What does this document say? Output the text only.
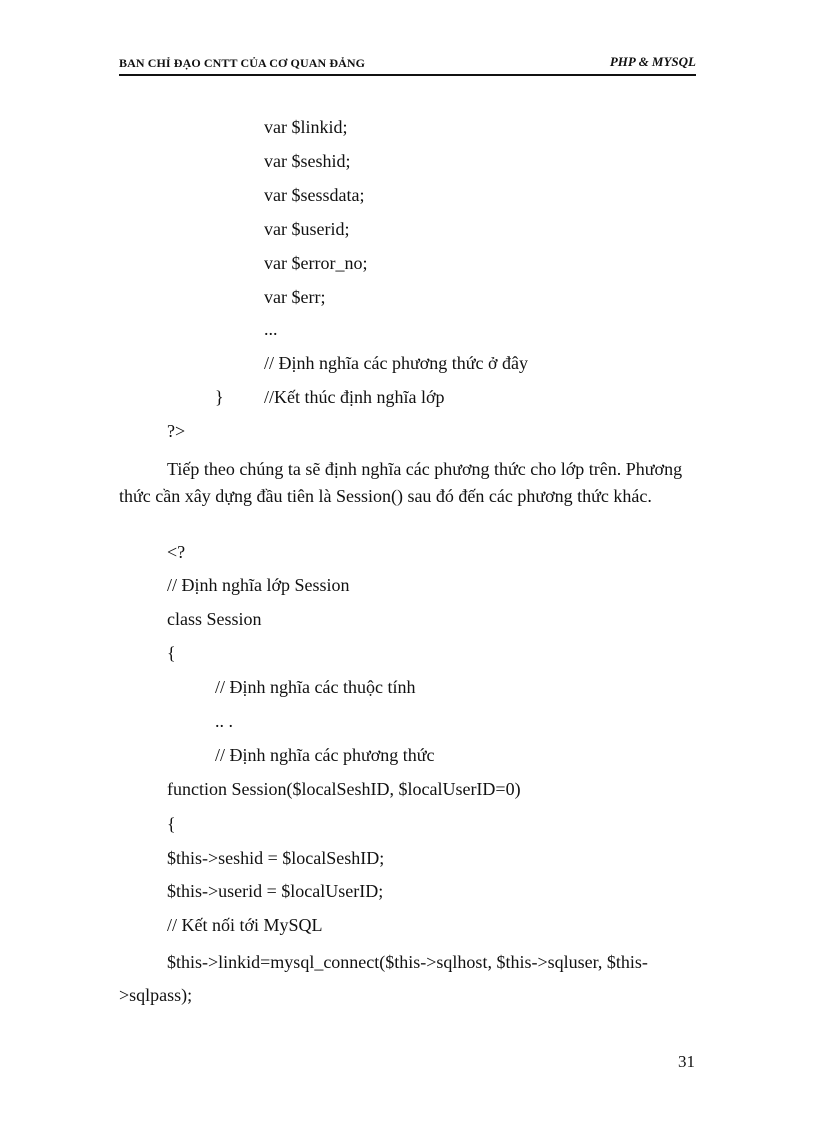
BAN CHỈ ĐẠO CNTT CỦA CƠ QUAN ĐẢNG	PHP & MYSQL
var $linkid;
var $seshid;
var $sessdata;
var $userid;
var $error_no;
var $err;
...
// Định nghĩa các phương thức ở đây
} //Kết thúc định nghĩa lớp
?>

Tiếp theo chúng ta sẽ định nghĩa các phương thức cho lớp trên. Phương thức cần xây dựng đầu tiên là Session() sau đó đến các phương thức khác.

<?
// Định nghĩa lớp Session
class Session
{
// Định nghĩa các thuộc tính
.. .
// Định nghĩa các phương thức
function Session($localSeshID, $localUserID=0)
{
$this->seshid = $localSeshID;
$this->userid = $localUserID;
// Kết nối tới MySQL

$this->linkid=mysql_connect($this->sqlhost, $this->sqluser, $this->sqlpass);

31
